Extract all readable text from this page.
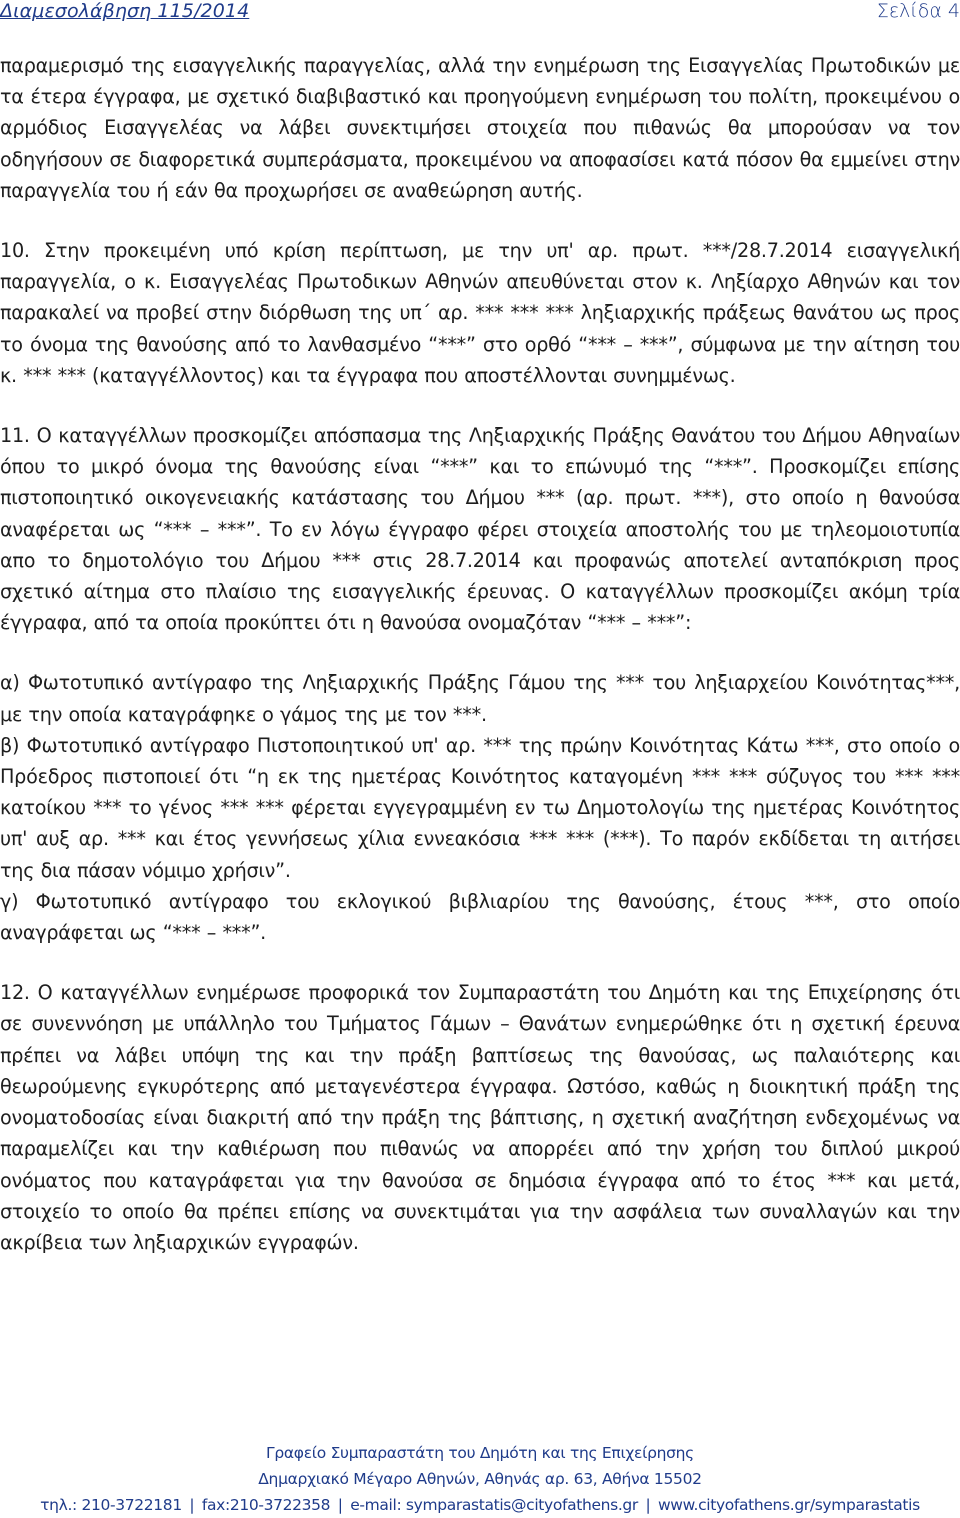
Διαμεσολάβηση 115/2014	Σελίδα 4

παραμερισμό της εισαγγελικής παραγγελίας, αλλά την ενημέρωση της Εισαγγελίας Πρωτοδικών με τα έτερα έγγραφα, με σχετικό διαβιβαστικό και προηγούμενη ενημέρωση του πολίτη, προκειμένου ο αρμόδιος Εισαγγελέας να λάβει συνεκτιμήσει στοιχεία που πιθανώς θα μπορούσαν να τον οδηγήσουν σε διαφορετικά συμπεράσματα, προκειμένου να αποφασίσει κατά πόσον θα εμμείνει στην παραγγελία του ή εάν θα προχωρήσει σε αναθεώρηση αυτής.

10. Στην προκειμένη υπό κρίση περίπτωση, με την υπ' αρ. πρωτ. ***/28.7.2014 εισαγγελική παραγγελία, ο κ. Εισαγγελέας Πρωτοδικων Αθηνών απευθύνεται στον κ. Ληξίαρχο Αθηνών και τον παρακαλεί να προβεί στην διόρθωση της υπ΄ αρ. *** *** *** ληξιαρχικής πράξεως θανάτου ως προς το όνομα της θανούσης από το λανθασμένο “***” στο ορθό “*** – ***”, σύμφωνα με την αίτηση του κ. *** *** (καταγγέλλοντος) και τα έγγραφα που αποστέλλονται συνημμένως.

11. Ο καταγγέλλων προσκομίζει απόσπασμα της Ληξιαρχικής Πράξης Θανάτου του Δήμου Αθηναίων όπου το μικρό όνομα της θανούσης είναι “***” και το επώνυμό της “***”. Προσκομίζει επίσης πιστοποιητικό οικογενειακής κατάστασης του Δήμου *** (αρ. πρωτ. ***), στο οποίο η θανούσα αναφέρεται ως “*** – ***”. Το εν λόγω έγγραφο φέρει στοιχεία αποστολής του με τηλεομοιοτυπία απο το δημοτολόγιο του Δήμου *** στις 28.7.2014 και προφανώς αποτελεί ανταπόκριση προς σχετικό αίτημα στο πλαίσιο της εισαγγελικής έρευνας. Ο καταγγέλλων προσκομίζει ακόμη τρία έγγραφα, από τα οποία προκύπτει ότι η θανούσα ονομαζόταν “*** – ***”:

α) Φωτοτυπικό αντίγραφο της Ληξιαρχικής Πράξης Γάμου της *** του ληξιαρχείου Κοινότητας***, με την οποία καταγράφηκε ο γάμος της με τον ***.

β) Φωτοτυπικό αντίγραφο Πιστοποιητικού υπ' αρ. *** της πρώην Κοινότητας Κάτω ***, στο οποίο ο Πρόεδρος πιστοποιεί ότι “η εκ της ημετέρας Κοινότητος καταγομένη *** *** σύζυγος του *** *** κατοίκου *** το γένος *** *** φέρεται εγγεγραμμένη εν τω Δημοτολογίω της ημετέρας Κοινότητος υπ' αυξ αρ. *** και έτος γεννήσεως χίλια εννεακόσια *** *** (***). Το παρόν εκδίδεται τη αιτήσει της δια πάσαν νόμιμο χρήσιν”.

γ) Φωτοτυπικό αντίγραφο του εκλογικού βιβλιαρίου της θανούσης, έτους ***, στο οποίο αναγράφεται ως “*** – ***”.

12. Ο καταγγέλλων ενημέρωσε προφορικά τον Συμπαραστάτη του Δημότη και της Επιχείρησης ότι σε συνεννόηση με υπάλληλο του Τμήματος Γάμων – Θανάτων ενημερώθηκε ότι η σχετική έρευνα πρέπει να λάβει υπόψη της και την πράξη βαπτίσεως της θανούσας, ως παλαιότερης και θεωρούμενης εγκυρότερης από μεταγενέστερα έγγραφα. Ωστόσο, καθώς η διοικητική πράξη της ονοματοδοσίας είναι διακριτή από την πράξη της βάπτισης, η σχετική αναζήτηση ενδεχομένως να παραμελίζει και την καθιέρωση που πιθανώς να απορρέει από την χρήση του διπλού μικρού ονόματος που καταγράφεται για την θανούσα σε δημόσια έγγραφα από το έτος *** και μετά, στοιχείο το οποίο θα πρέπει επίσης να συνεκτιμάται για την ασφάλεια των συναλλαγών και την ακρίβεια των ληξιαρχικών εγγραφών.

Γραφείο Συμπαραστάτη του Δημότη και της Επιχείρησης
Δημαρχιακό Μέγαρο Αθηνών, Αθηνάς αρ. 63, Αθήνα 15502
τηλ.: 210-3722181 | fax:210-3722358 | e-mail: symparastatis@cityofathens.gr | www.cityofathens.gr/symparastatis
